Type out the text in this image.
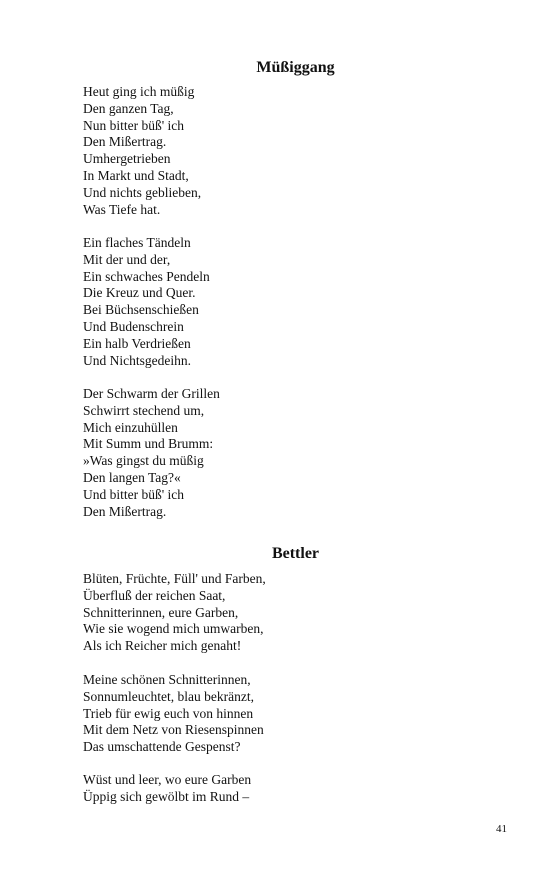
Müßiggang
Heut ging ich müßig
Den ganzen Tag,
Nun bitter büß' ich
Den Mißertrag.
Umhergetrieben
In Markt und Stadt,
Und nichts geblieben,
Was Tiefe hat.
Ein flaches Tändeln
Mit der und der,
Ein schwaches Pendeln
Die Kreuz und Quer.
Bei Büchsenschießen
Und Budenschrein
Ein halb Verdrießen
Und Nichtsgedeihn.
Der Schwarm der Grillen
Schwirrt stechend um,
Mich einzuhüllen
Mit Summ und Brumm:
»Was gingst du müßig
Den langen Tag?«
Und bitter büß' ich
Den Mißertrag.
Bettler
Blüten, Früchte, Füll' und Farben,
Überfluß der reichen Saat,
Schnitterinnen, eure Garben,
Wie sie wogend mich umwarben,
Als ich Reicher mich genaht!
Meine schönen Schnitterinnen,
Sonnumleuchtet, blau bekränzt,
Trieb für ewig euch von hinnen
Mit dem Netz von Riesenspinnen
Das umschattende Gespenst?
Wüst und leer, wo eure Garben
Üppig sich gewölbt im Rund –
41
